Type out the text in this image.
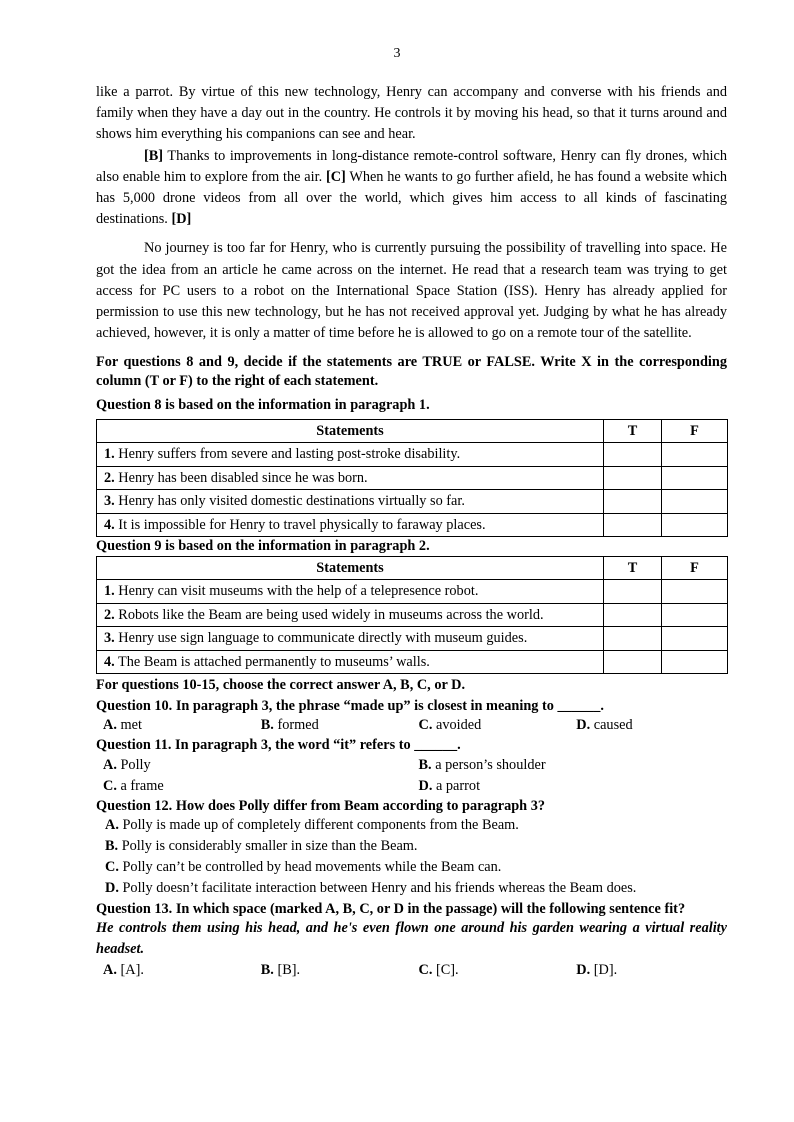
3

like a parrot. By virtue of this new technology, Henry can accompany and converse with his friends and family when they have a day out in the country. He controls it by moving his head, so that it turns around and shows him everything his companions can see and hear.

[B] Thanks to improvements in long-distance remote-control software, Henry can fly drones, which also enable him to explore from the air. [C] When he wants to go further afield, he has found a website which has 5,000 drone videos from all over the world, which gives him access to all kinds of fascinating destinations. [D]

No journey is too far for Henry, who is currently pursuing the possibility of travelling into space. He got the idea from an article he came across on the internet. He read that a research team was trying to get access for PC users to a robot on the International Space Station (ISS). Henry has already applied for permission to use this new technology, but he has not received approval yet. Judging by what he has already achieved, however, it is only a matter of time before he is allowed to go on a remote tour of the satellite.

For questions 8 and 9, decide if the statements are TRUE or FALSE. Write X in the corresponding column (T or F) to the right of each statement.

Question 8 is based on the information in paragraph 1.

Statements	T	F
1. Henry suffers from severe and lasting post-stroke disability.		
2. Henry has been disabled since he was born.		
3. Henry has only visited domestic destinations virtually so far.		
4. It is impossible for Henry to travel physically to faraway places.		

Question 9 is based on the information in paragraph 2.

Statements	T	F
1. Henry can visit museums with the help of a telepresence robot.		
2. Robots like the Beam are being used widely in museums across the world.		
3. Henry use sign language to communicate directly with museum guides.		
4. The Beam is attached permanently to museums’ walls.		

For questions 10-15, choose the correct answer A, B, C, or D.

Question 10. In paragraph 3, the phrase “made up” is closest in meaning to ______.

A. met	B. formed	C. avoided	D. caused

Question 11. In paragraph 3, the word “it” refers to ______.

A. Polly	B. a person’s shoulder
C. a frame	D. a parrot

Question 12. How does Polly differ from Beam according to paragraph 3?

A. Polly is made up of completely different components from the Beam.
B. Polly is considerably smaller in size than the Beam.
C. Polly can’t be controlled by head movements while the Beam can.
D. Polly doesn’t facilitate interaction between Henry and his friends whereas the Beam does.

Question 13. In which space (marked A, B, C, or D in the passage) will the following sentence fit?

He controls them using his head, and he's even flown one around his garden wearing a virtual reality headset.

A. [A].	B. [B].	C. [C].	D. [D].
